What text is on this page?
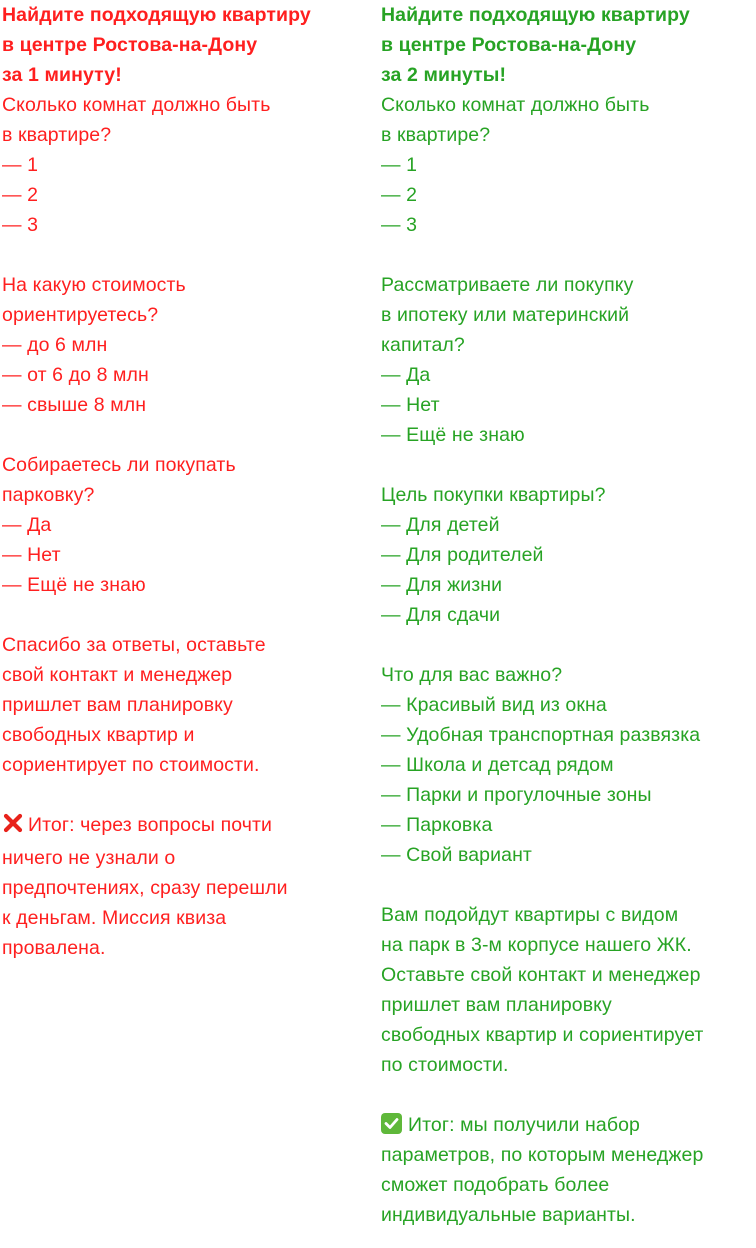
Найдите подходящую квартиру
в центре Ростова-на-Дону
за 1 минуту!
Сколько комнат должно быть
в квартире?
— 1
— 2
— 3
На какую стоимость
ориентируетесь?
— до 6 млн
— от 6 до 8 млн
— свыше 8 млн
Собираетесь ли покупать
парковку?
— Да
— Нет
— Ещё не знаю
Спасибо за ответы, оставьте
свой контакт и менеджер
пришлет вам планировку
свободных квартир и
сориентирует по стоимости.
Итог: через вопросы почти
ничего не узнали о
предпочтениях, сразу перешли
к деньгам. Миссия квиза
провалена.
Найдите подходящую квартиру
в центре Ростова-на-Дону
за 2 минуты!
Сколько комнат должно быть
в квартире?
— 1
— 2
— 3
Рассматриваете ли покупку
в ипотеку или материнский
капитал?
— Да
— Нет
— Ещё не знаю
Цель покупки квартиры?
— Для детей
— Для родителей
— Для жизни
— Для сдачи
Что для вас важно?
— Красивый вид из окна
— Удобная транспортная развязка
— Школа и детсад рядом
— Парки и прогулочные зоны
— Парковка
— Свой вариант
Вам подойдут квартиры с видом
на парк в 3-м корпусе нашего ЖК.
Оставьте свой контакт и менеджер
пришлет вам планировку
свободных квартир и сориентирует
по стоимости.
Итог: мы получили набор
параметров, по которым менеджер
сможет подобрать более
индивидуальные варианты.
